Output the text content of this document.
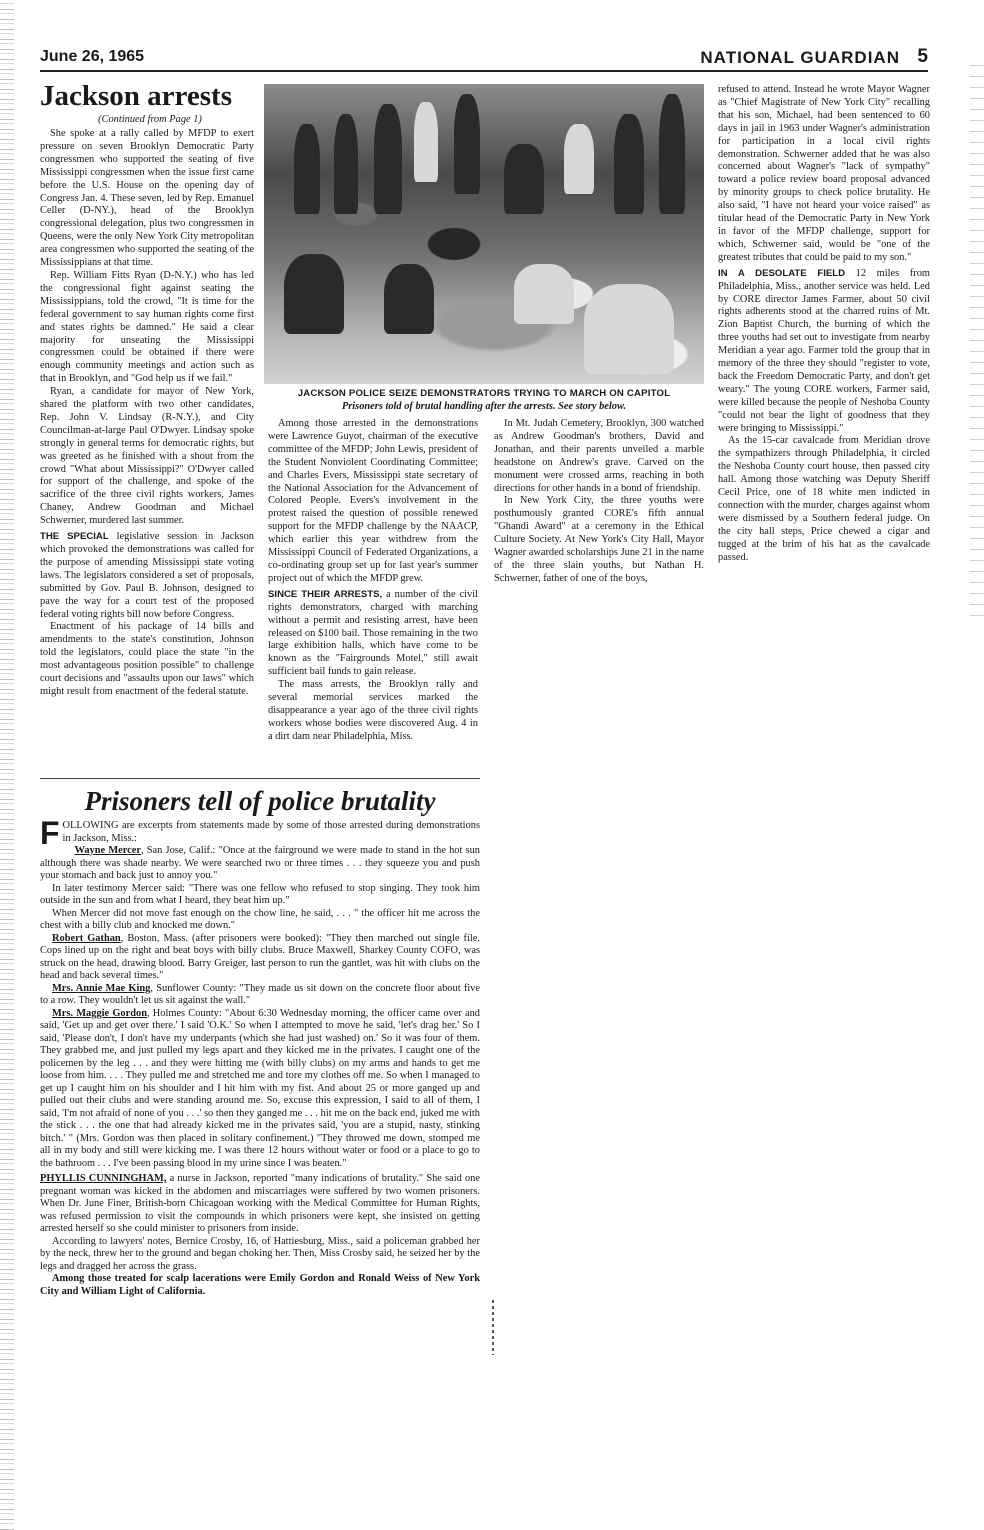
June 26, 1965	NATIONAL GUARDIAN 5
Jackson arrests
(Continued from Page 1)

She spoke at a rally called by MFDP to exert pressure on seven Brooklyn Democratic Party congressmen who supported the seating of five Mississippi congressmen when the issue first came before the U.S. House on the opening day of Congress Jan. 4. These seven, led by Rep. Emanuel Celler (D-NY.), head of the Brooklyn congressional delegation, plus two congressmen in Queens, were the only New York City metropolitan area congressmen who supported the seating of the Mississippians at that time.

Rep. William Fitts Ryan (D-N.Y.) who has led the congressional fight against seating the Mississippians, told the crowd, "It is time for the federal government to say human rights come first and states rights be damned." He said a clear majority for unseating the Mississippi congressmen could be obtained if there were enough community meetings and action such as that in Brooklyn, and "God help us if we fail."

Ryan, a candidate for mayor of New York, shared the platform with two other candidates, Rep. John V. Lindsay (R-N.Y.), and City Councilman-at-large Paul O'Dwyer. Lindsay spoke strongly in general terms for democratic rights, but was greeted as he finished with a shout from the crowd "What about Mississippi?" O'Dwyer called for support of the challenge, and spoke of the sacrifice of the three civil rights workers, James Chaney, Andrew Goodman and Michael Schwerner, murdered last summer.

THE SPECIAL legislative session in Jackson which provoked the demonstrations was called for the purpose of amending Mississippi state voting laws. The legislators considered a set of proposals, submitted by Gov. Paul B. Johnson, designed to pave the way for a court test of the proposed federal voting rights bill now before Congress.

Enactment of his package of 14 bills and amendments to the state's constitution, Johnson told the legislators, could place the state "in the most advantageous position possible" to challenge court decisions and "assaults upon our laws" which might result from enactment of the federal statute.

JACKSON POLICE SEIZE DEMONSTRATORS TRYING TO MARCH ON CAPITOL
Prisoners told of brutal handling after the arrests. See story below.

Among those arrested in the demonstrations were Lawrence Guyot, chairman of the executive committee of the MFDP; John Lewis, president of the Student Nonviolent Coordinating Committee; and Charles Evers, Mississippi state secretary of the National Association for the Advancement of Colored People. Evers's involvement in the protest raised the question of possible renewed support for the MFDP challenge by the NAACP, which earlier this year withdrew from the Mississippi Council of Federated Organizations, a co-ordinating group set up for last year's summer project out of which the MFDP grew.

SINCE THEIR ARRESTS, a number of the civil rights demonstrators, charged with marching without a permit and resisting arrest, have been released on $100 bail. Those remaining in the two large exhibition halls, which have come to be known as the "Fairgrounds Motel," still await sufficient bail funds to gain release.

The mass arrests, the Brooklyn rally and several memorial services marked the disappearance a year ago of the three civil rights workers whose bodies were discovered Aug. 4 in a dirt dam near Philadelphia, Miss.

In Mt. Judah Cemetery, Brooklyn, 300 watched as Andrew Goodman's brothers, David and Jonathan, and their parents unveiled a marble headstone on Andrew's grave. Carved on the monument were crossed arms, reaching in both directions for other hands in a bond of friendship.

In New York City, the three youths were posthumously granted CORE's fifth annual "Ghandi Award" at a ceremony in the Ethical Culture Society. At New York's City Hall, Mayor Wagner awarded scholarships June 21 in the name of the three slain youths, but Nathan H. Schwerner, father of one of the boys,

refused to attend. Instead he wrote Mayor Wagner as "Chief Magistrate of New York City" recalling that his son, Michael, had been sentenced to 60 days in jail in 1963 under Wagner's administration for participation in a local civil rights demonstration. Schwerner added that he was also concerned about Wagner's "lack of sympathy" toward a police review board proposal advanced by minority groups to check police brutality. He also said, "I have not heard your voice raised" as titular head of the Democratic Party in New York in favor of the MFDP challenge, support for which, Schwerner said, would be "one of the greatest tributes that could be paid to my son."

IN A DESOLATE FIELD 12 miles from Philadelphia, Miss., another service was held. Led by CORE director James Farmer, about 50 civil rights adherents stood at the charred ruins of Mt. Zion Baptist Church, the burning of which the three youths had set out to investigate from nearby Meridian a year ago. Farmer told the group that in memory of the three they should "register to vote, back the Freedom Democratic Party, and don't get weary." The young CORE workers, Farmer said, were killed because the people of Neshoba County "could not bear the light of goodness that they were bringing to Mississippi."

As the 15-car cavalcade from Meridian drove the sympathizers through Philadelphia, it circled the Neshoba County court house, then passed city hall. Among those watching was Deputy Sheriff Cecil Price, one of 18 white men indicted in connection with the murder, charges against whom were dismissed by a Southern federal judge. On the city hall steps, Price chewed a cigar and tugged at the brim of his hat as the cavalcade passed.

Prisoners tell of police brutality

FOLLOWING are excerpts from statements made by some of those arrested during demonstrations in Jackson, Miss.:

Wayne Mercer, San Jose, Calif.: "Once at the fairground we were made to stand in the hot sun although there was shade nearby. We were searched two or three times . . . they squeeze you and push your stomach and back just to annoy you."

In later testimony Mercer said: "There was one fellow who refused to stop singing. They took him outside in the sun and from what I heard, they beat him up."

When Mercer did not move fast enough on the chow line, he said, . . . " the officer hit me across the chest with a billy club and knocked me down."

Robert Gathan, Boston, Mass. (after prisoners were booked): "They then marched out single file. Cops lined up on the right and beat boys with billy clubs. Bruce Maxwell, Sharkey County COFO, was struck on the head, drawing blood. Barry Greiger, last person to run the gantlet, was hit with clubs on the head and back several times."

Mrs. Annie Mae King, Sunflower County: "They made us sit down on the concrete floor about five to a row. They wouldn't let us sit against the wall."

Mrs. Maggie Gordon, Holmes County: "About 6:30 Wednesday morning, the officer came over and said, 'Get up and get over there.' I said 'O.K.' So when I attempted to move he said, 'let's drag her.' So I said, 'Please don't, I don't have my underpants (which she had just washed) on.' So it was four of them. They grabbed me, and just pulled my legs apart and they kicked me in the privates. I caught one of the policemen by the leg . . . and they were hitting me (with billy clubs) on my arms and hands to get me loose from him. . . . They pulled me and stretched me and tore my clothes off me. So when I managed to get up I caught him on his shoulder and I hit him with my fist. And about 25 or more ganged up and pulled out their clubs and were standing around me. So, excuse this expression, I said to all of them, I said, 'I'm not afraid of none of you . . .' so then they ganged me . . . hit me on the back end, juked me with the stick . . . the one that had already kicked me in the privates said, 'you are a stupid, nasty, stinking bitch.' " (Mrs. Gordon was then placed in solitary confinement.) "They throwed me down, stomped me all in my body and still were kicking me. I was there 12 hours without water or food or a place to go to the bathroom . . . I've been passing blood in my urine since I was beaten."

PHYLLIS CUNNINGHAM, a nurse in Jackson, reported "many indications of brutality." She said one pregnant woman was kicked in the abdomen and miscarriages were suffered by two women prisoners. When Dr. June Finer, British-born Chicagoan working with the Medical Committee for Human Rights, was refused permission to visit the compounds in which prisoners were kept, she insisted on getting arrested herself so she could minister to prisoners from inside.

According to lawyers' notes, Bernice Crosby, 16, of Hattiesburg, Miss., said a policeman grabbed her by the neck, threw her to the ground and began choking her. Then, Miss Crosby said, he seized her by the legs and dragged her across the grass.

Among those treated for scalp lacerations were Emily Gordon and Ronald Weiss of New York City and William Light of California.
